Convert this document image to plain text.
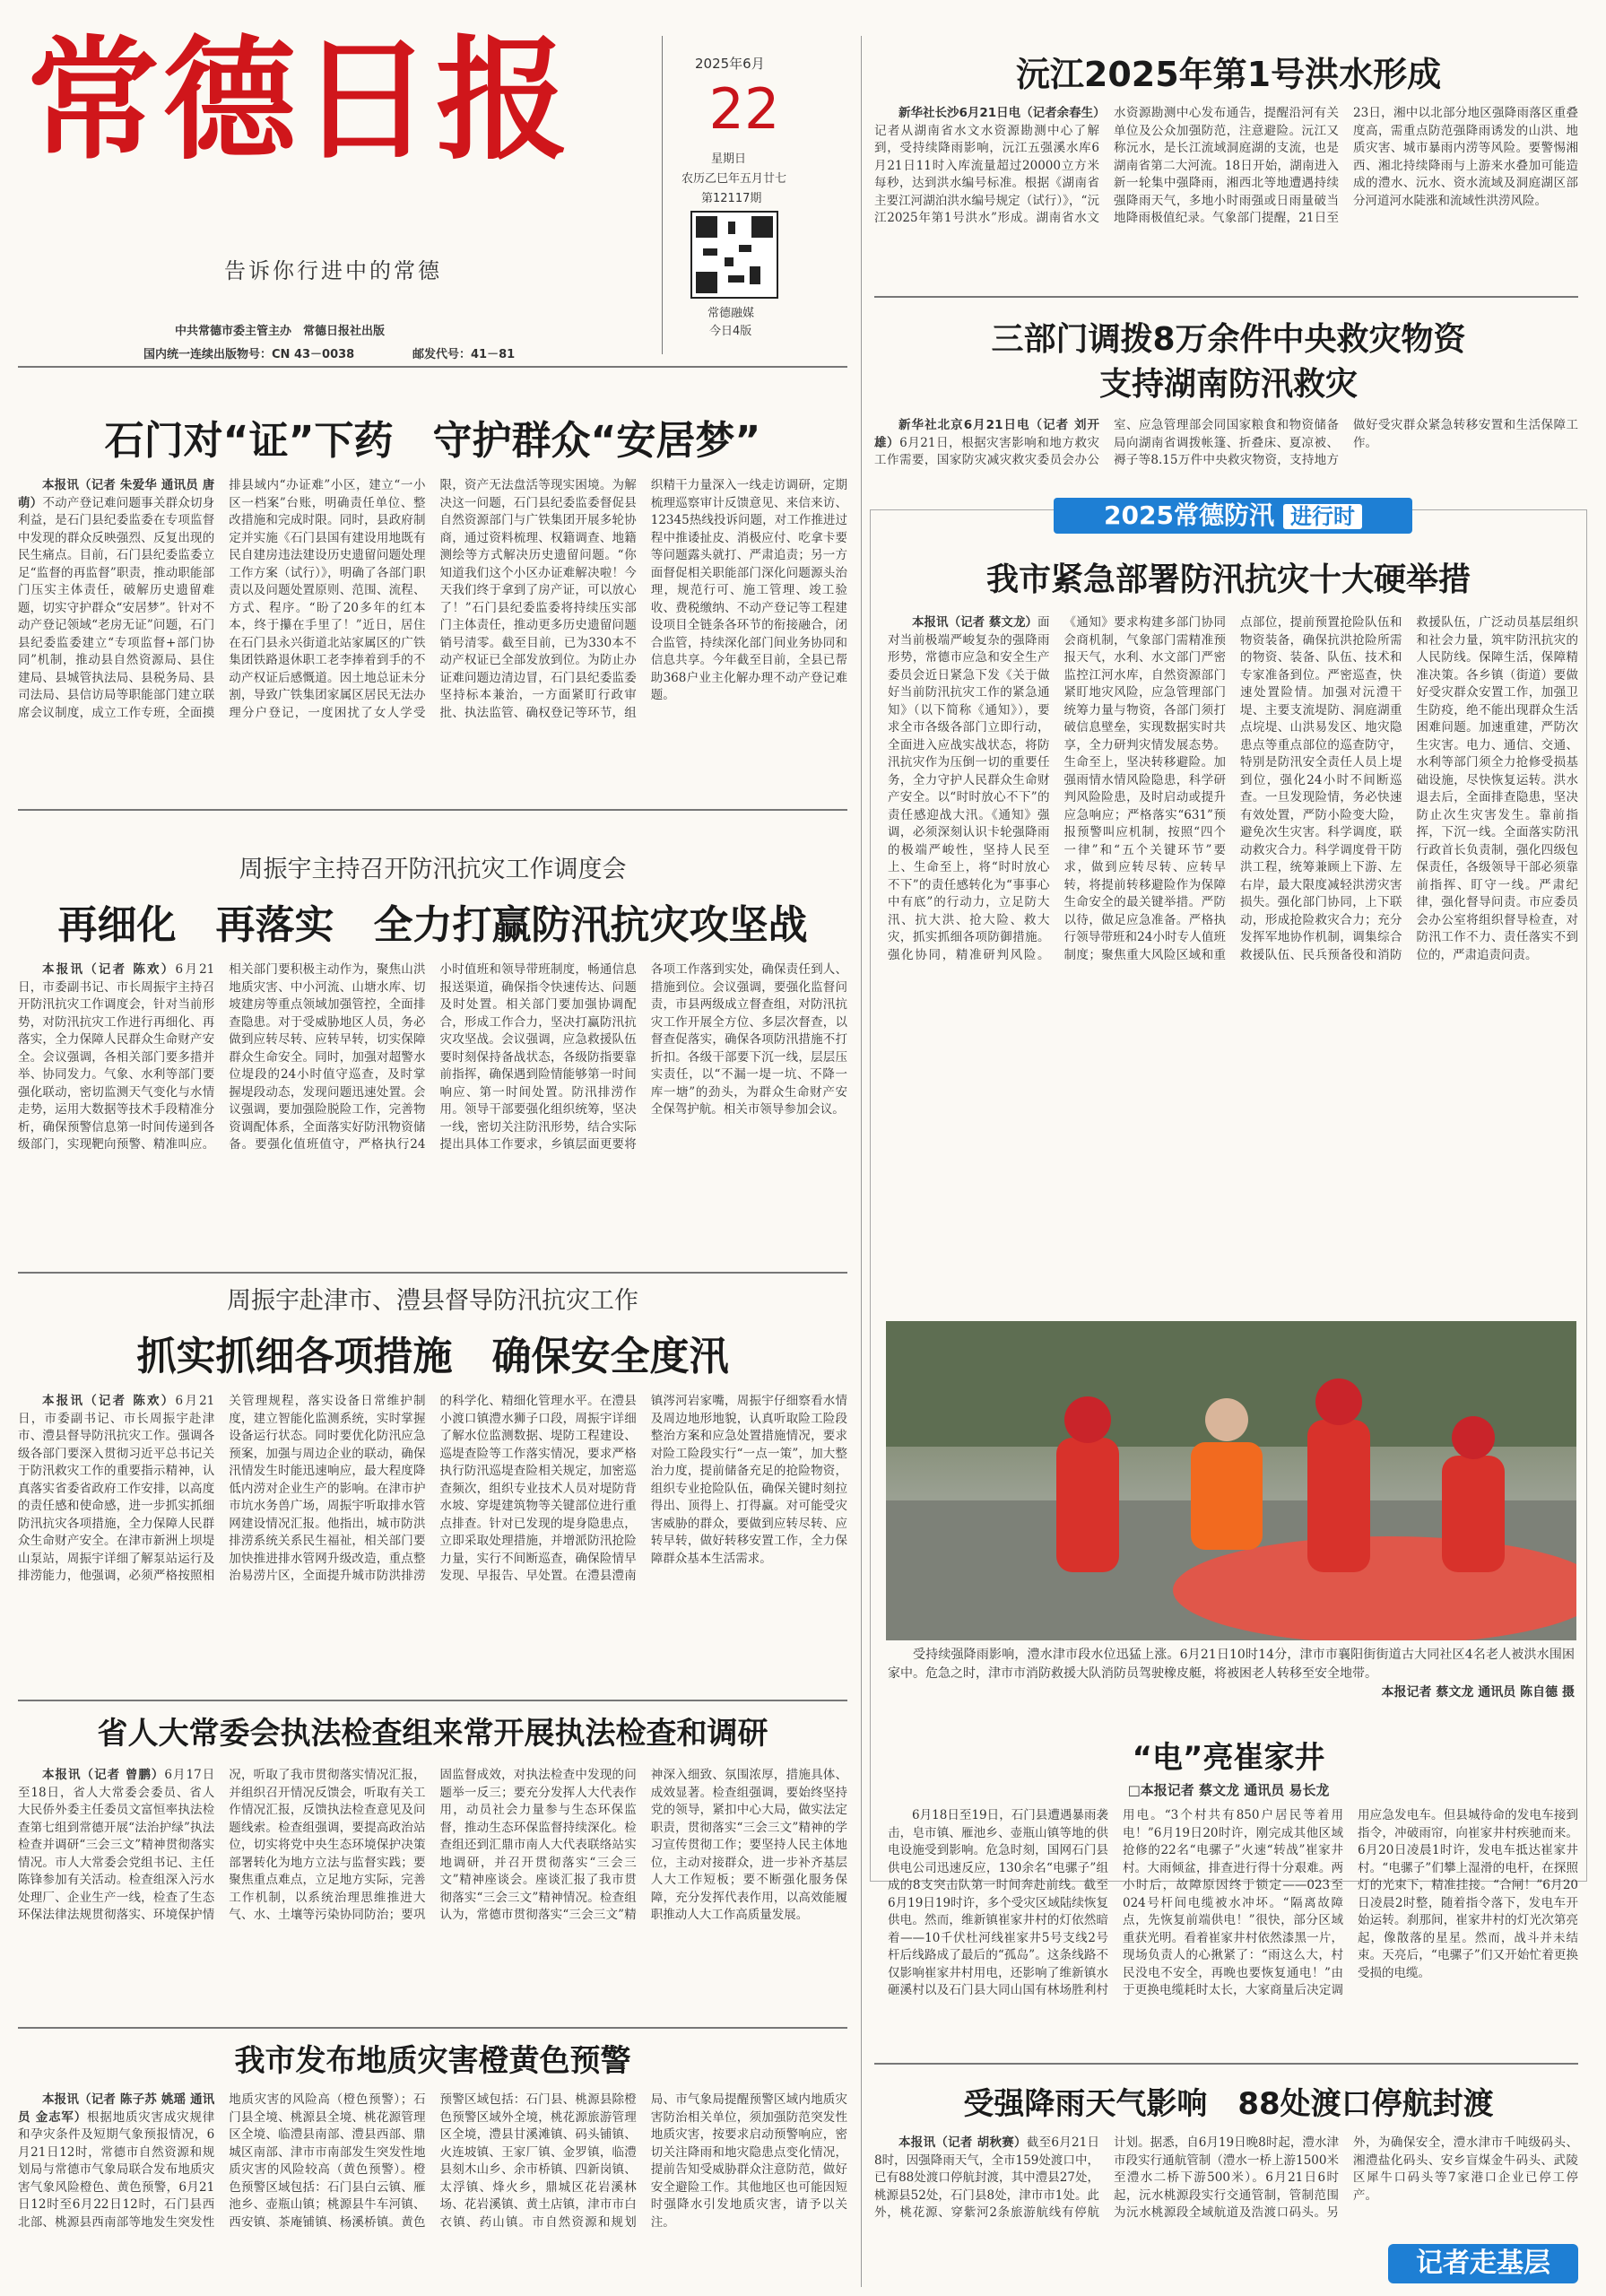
常德日报
告诉你行进中的常德
2025年6月
22
星期日
农历乙巳年五月廿七
第12117期
常德融媒
今日4版
中共常德市委主管主办　常德日报社出版
国内统一连续出版物号：CN 43－0038	邮发代号：41－81
石门对“证”下药　守护群众“安居梦”

本报讯（记者 朱爱华 通讯员 唐萌）不动产登记难问题事关群众切身利益，是石门县纪委监委在专项监督中发现的群众反映强烈、反复出现的民生痛点。目前，石门县纪委监委立足“监督的再监督”职责，推动职能部门压实主体责任，破解历史遗留难题，切实守护群众“安居梦”。针对不动产登记领域“老房无证”问题，石门县纪委监委建立“专项监督+部门协同”机制，推动县自然资源局、县住建局、县城管执法局、县税务局、县司法局、县信访局等职能部门建立联席会议制度，成立工作专班，全面摸排县域内“办证难”小区，建立“一小区一档案”台账，明确责任单位、整改措施和完成时限。同时，县政府制定并实施《石门县国有建设用地既有民自建房违法建设历史遗留问题处理工作方案（试行）》，明确了各部门职责以及问题处置原则、范围、流程、方式、程序。“盼了20多年的红本本，终于攥在手里了！”近日，居住在石门县永兴街道北站家属区的广铁集团铁路退休职工老李捧着到手的不动产权证后感慨道。因土地总证未分割，导致广铁集团家属区居民无法办理分户登记，一度困扰了女人学受限，资产无法盘活等现实困境。为解决这一问题，石门县纪委监委督促县自然资源部门与广铁集团开展多轮协商，通过资料梳理、权籍调查、地籍测绘等方式解决历史遗留问题。“你知道我们这个小区办证难解决啦！今天我们终于拿到了房产证，可以放心了！”石门县纪委监委将持续压实部门主体责任，推动更多历史遗留问题销号清零。截至目前，已为330本不动产权证已全部发放到位。为防止办证难问题边清边冒，石门县纪委监委坚持标本兼治，一方面紧盯行政审批、执法监管、确权登记等环节，组织精干力量深入一线走访调研，定期梳理巡察审计反馈意见、来信来访、12345热线投诉问题，对工作推进过程中推诿扯皮、消极应付、吃拿卡要等问题露头就打、严肃追责；另一方面督促相关职能部门深化问题源头治理，规范行可、施工管理、竣工验收、费税缴纳、不动产登记等工程建设项目全链条各环节的衔接融合，闭合监管，持续深化部门间业务协同和信息共享。今年截至目前，全县已帮助368户业主化解办理不动产登记难题。

周振宇主持召开防汛抗灾工作调度会
再细化　再落实　全力打赢防汛抗灾攻坚战

本报讯（记者 陈欢）6月21日，市委副书记、市长周振宇主持召开防汛抗灾工作调度会，针对当前形势，对防汛抗灾工作进行再细化、再落实，全力保障人民群众生命财产安全。会议强调，各相关部门要多措并举、协同发力。气象、水利等部门要强化联动，密切监测天气变化与水情走势，运用大数据等技术手段精准分析，确保预警信息第一时间传递到各级部门，实现靶向预警、精准叫应。相关部门要积极主动作为，聚焦山洪地质灾害、中小河流、山塘水库、切坡建房等重点领域加强管控，全面排查隐患。对于受威胁地区人员，务必做到应转尽转、应转早转，切实保障群众生命安全。同时，加强对超警水位堤段的24小时值守巡查，及时掌握堤段动态，发现问题迅速处置。会议强调，要加强险脱险工作，完善物资调配体系，全面落实好防汛物资储备。要强化值班值守，严格执行24小时值班和领导带班制度，畅通信息报送渠道，确保指令快速传达、问题及时处置。相关部门要加强协调配合，形成工作合力，坚决打赢防汛抗灾攻坚战。会议强调，应急救援队伍要时刻保持备战状态，各级防指要靠前指挥，确保遇到险情能够第一时间响应、第一时间处置。防汛排涝作用。领导干部要强化组织统筹，坚决一线，密切关注防汛形势，结合实际提出具体工作要求，乡镇层面更要将各项工作落到实处，确保责任到人、措施到位。会议强调，要强化监督问责，市县两级成立督查组，对防汛抗灾工作开展全方位、多层次督查，以督查促落实，确保各项防汛措施不打折扣。各级干部要下沉一线，层层压实责任，以“不漏一堤一坑、不降一库一塘”的劲头，为群众生命财产安全保驾护航。相关市领导参加会议。

周振宇赴津市、澧县督导防汛抗灾工作
抓实抓细各项措施　确保安全度汛

本报讯（记者 陈欢）6月21日，市委副书记、市长周振宇赴津市、澧县督导防汛抗灾工作。强调各级各部门要深入贯彻习近平总书记关于防汛救灾工作的重要指示精神，认真落实省委省政府工作安排，以高度的责任感和使命感，进一步抓实抓细防汛抗灾各项措施，全力保障人民群众生命财产安全。在津市新洲上坝堤山泵站，周振宇详细了解泵站运行及排涝能力，他强调，必须严格按照相关管理规程，落实设备日常维护制度，建立智能化监测系统，实时掌握设备运行状态。同时要优化防汛应急预案，加强与周边企业的联动，确保汛情发生时能迅速响应，最大程度降低内涝对企业生产的影响。在津市护市坑水务兽广场，周振宇听取排水管网建设情况汇报。他指出，城市防洪排涝系统关系民生福祉，相关部门要加快推进排水管网升级改造，重点整治易涝片区，全面提升城市防洪排涝的科学化、精细化管理水平。在澧县小渡口镇澧水狮子口段，周振宇详细了解水位监测数据、堤防工程建设、巡堤查险等工作落实情况，要求严格执行防汛巡堤查险相关规定，加密巡查频次，组织专业技术人员对堤防背水坡、穿堤建筑物等关键部位进行重点排查。针对已发现的堤身隐患点，立即采取处理措施，并增派防汛抢险力量，实行不间断巡查，确保险情早发现、早报告、早处置。在澧县澧南镇涔河岩家嘴，周振宇仔细察看水情及周边地形地貌，认真听取险工险段整治方案和应急处置措施情况，要求对险工险段实行“一点一策”，加大整治力度，提前储备充足的抢险物资，组织专业抢险队伍，确保关键时刻拉得出、顶得上、打得赢。对可能受灾害威胁的群众，要做到应转尽转、应转早转，做好转移安置工作，全力保障群众基本生活需求。

省人大常委会执法检查组来常开展执法检查和调研

本报讯（记者 曾鹏）6月17日至18日，省人大常委会委员、省人大民侨外委主任委员文富恒率执法检查第七组到常德开展“法治护绿”执法检查并调研“三会三文”精神贯彻落实情况。市人大常委会党组书记、主任陈锋参加有关活动。检查组深入污水处理厂、企业生产一线，检查了生态环保法律法规贯彻落实、环境保护情况，听取了我市贯彻落实情况汇报，并组织召开情况反馈会，听取有关工作情况汇报，反馈执法检查意见及问题线索。检查组强调，要提高政治站位，切实将党中央生态环境保护决策部署转化为地方立法与监督实践；要聚焦重点难点，立足地方实际，完善工作机制，以系统治理思维推进大气、水、土壤等污染协同防治；要巩固监督成效，对执法检查中发现的问题举一反三；要充分发挥人大代表作用，动员社会力量参与生态环保监督，推动生态环保监督持续深化。检查组还到汇鼎市南人大代表联络站实地调研，并召开贯彻落实“三会三文”精神座谈会。座谈汇报了我市贯彻落实“三会三文”精神情况。检查组认为，常德市贯彻落实“三会三文”精神深入细致、氛围浓厚，措施具体、成效显著。检查组强调，要始终坚持党的领导，紧扣中心大局，做实法定职责，贯彻落实“三会三文”精神的学习宣传贯彻工作；要坚持人民主体地位，主动对接群众，进一步补齐基层人大工作短板；要不断强化服务保障，充分发挥代表作用，以高效能履职推动人大工作高质量发展。

我市发布地质灾害橙黄色预警

本报讯（记者 陈子苏 姚瑶 通讯员 金志军）根据地质灾害成灾规律和孕灾条件及短期气象预报情况，6月21日12时，常德市自然资源和规划局与常德市气象局联合发布地质灾害气象风险橙色、黄色预警，6月21日12时至6月22日12时，石门县西北部、桃源县西南部等地发生突发性地质灾害的风险高（橙色预警）；石门县全境、桃源县全境、桃花源管理区全境、临澧县南部、澧县西部、鼎城区南部、津市市南部发生突发性地质灾害的风险较高（黄色预警）。橙色预警区域包括：石门县白云镇、雁池乡、壶瓶山镇；桃源县牛车河镇、西安镇、茶庵铺镇、杨溪桥镇。黄色预警区域包括：石门县、桃源县除橙色预警区域外全境，桃花源旅游管理区全境，澧县甘溪滩镇、码头铺镇、火连坡镇、王家厂镇、金罗镇，临澧县刻木山乡、余市桥镇、四新岗镇、太浮镇、烽火乡，鼎城区花岩溪林场、花岩溪镇、黄土店镇，津市市白衣镇、药山镇。市自然资源和规划局、市气象局提醒预警区域内地质灾害防治相关单位，须加强防范突发性地质灾害，按要求启动预警响应，密切关注降雨和地灾隐患点变化情况，提前告知受威胁群众注意防范，做好安全避险工作。其他地区也可能因短时强降水引发地质灾害，请予以关注。

沅江2025年第1号洪水形成

新华社长沙6月21日电（记者余春生）记者从湖南省水文水资源勘测中心了解到，受持续降雨影响，沅江五强溪水库6月21日11时入库流量超过20000立方米每秒，达到洪水编号标准。根据《湖南省主要江河湖泊洪水编号规定（试行）》，“沅江2025年第1号洪水”形成。湖南省水文水资源勘测中心发布通告，提醒沿河有关单位及公众加强防范，注意避险。沅江又称沅水，是长江流域洞庭湖的支流，也是湖南省第二大河流。18日开始，湖南进入新一轮集中强降雨，湘西北等地遭遇持续强降雨天气，多地小时雨强或日雨量破当地降雨极值纪录。气象部门提醒，21日至23日，湘中以北部分地区强降雨落区重叠度高，需重点防范强降雨诱发的山洪、地质灾害、城市暴雨内涝等风险。要警惕湘西、湘北持续降雨与上游来水叠加可能造成的澧水、沅水、资水流域及洞庭湖区部分河道河水陡涨和流域性洪涝风险。

三部门调拨8万余件中央救灾物资
支持湖南防汛救灾

新华社北京6月21日电（记者 刘开雄）6月21日，根据灾害影响和地方救灾工作需要，国家防灾减灾救灾委员会办公室、应急管理部会同国家粮食和物资储备局向湖南省调拨帐篷、折叠床、夏凉被、褥子等8.15万件中央救灾物资，支持地方做好受灾群众紧急转移安置和生活保障工作。

2025常德防汛 进行时
我市紧急部署防汛抗灾十大硬举措

本报讯（记者 蔡文龙）面对当前极端严峻复杂的强降雨形势，常德市应急和安全生产委员会近日紧急下发《关于做好当前防汛抗灾工作的紧急通知》（以下简称《通知》），要求全市各级各部门立即行动，全面进入应战实战状态，将防汛抗灾作为压倒一切的重要任务，全力守护人民群众生命财产安全。以“时时放心不下”的责任感迎战大汛。《通知》强调，必须深刻认识卡轮强降雨的极端严峻性，坚持人民至上、生命至上，将“时时放心不下”的责任感转化为“事事心中有底”的行动力，立足防大汛、抗大洪、抢大险、救大灾，抓实抓细各项防御措施。强化协同，精准研判风险。《通知》要求构建多部门协同会商机制，气象部门需精准预报天气，水利、水文部门严密监控江河水库，自然资源部门紧盯地灾风险，应急管理部门统筹力量与物资，各部门须打破信息壁垒，实现数据实时共享，全力研判灾情发展态势。生命至上，坚决转移避险。加强雨情水情风险隐患，科学研判风险险患，及时启动或提升应急响应；严格落实“631”预报预警叫应机制，按照“四个一律”和“五个关键环节”要求，做到应转尽转、应转早转，将提前转移避险作为保障生命安全的最关键举措。严防以待，做足应急准备。严格执行领导带班和24小时专人值班制度；聚焦重大风险区域和重点部位，提前预置抢险队伍和物资装备，确保抗洪抢险所需的物资、装备、队伍、技术和专家准备到位。严密巡查，快速处置险情。加强对沅澧干堤、主要支流堤防、洞庭湖重点垸堤、山洪易发区、地灾隐患点等重点部位的巡查防守，特别是防汛安全责任人员上堤到位，强化24小时不间断巡查。一旦发现险情，务必快速有效处置，严防小险变大险，避免次生灾害。科学调度，联动救灾合力。科学调度骨干防洪工程，统筹兼顾上下游、左右岸，最大限度减轻洪涝灾害损失。强化部门协同，上下联动，形成抢险救灾合力；充分发挥军地协作机制，调集综合救援队伍、民兵预备役和消防救援队伍，广泛动员基层组织和社会力量，筑牢防汛抗灾的人民防线。保障生活，保障精准决策。各乡镇（街道）要做好受灾群众安置工作，加强卫生防疫，绝不能出现群众生活困难问题。加速重建，严防次生灾害。电力、通信、交通、水利等部门须全力抢修受损基础设施，尽快恢复运转。洪水退去后，全面排查隐患，坚决防止次生灾害发生。靠前指挥，下沉一线。全面落实防汛行政首长负责制，强化四级包保责任，各级领导干部必须靠前指挥、盯守一线。严肃纪律，强化督导问责。市应委员会办公室将组织督导检查，对防汛工作不力、责任落实不到位的，严肃追责问责。

受持续强降雨影响，澧水津市段水位迅猛上涨。6月21日10时14分，津市市襄阳街街道古大同社区4名老人被洪水围困家中。危急之时，津市市消防救援大队消防员驾驶橡皮艇，将被困老人转移至安全地带。

本报记者 蔡文龙 通讯员 陈自德 摄
“电”亮崔家井
□本报记者 蔡文龙 通讯员 易长龙

6月18日至19日，石门县遭遇暴雨袭击，皂市镇、雁池乡、壶瓶山镇等地的供电设施受到影响。危急时刻，国网石门县供电公司迅速反应，130余名“电骡子”组成的8支突击队第一时间奔赴前线。截至6月19日19时许，多个受灾区域陆续恢复供电。然而，维新镇崔家井村的灯依然暗着——10千伏杜河线崔家井5号支线2号杆后线路成了最后的“孤岛”。这条线路不仅影响崔家井村用电，还影响了维新镇水砸溪村以及石门县大同山国有林场胜利村用电。“3个村共有850户居民等着用电！”6月19日20时许，刚完成其他区域抢修的22名“电骡子”火速“转战”崔家井村。大雨倾盆，排查进行得十分艰难。两小时后，故障原因终于锁定——023至024号杆间电缆被水冲坏。“隔离故障点，先恢复前端供电！”很快，部分区域重获光明。看着崔家井村依然漆黑一片，现场负责人的心揪紧了：“雨这么大，村民没电不安全，再晚也要恢复通电！”由于更换电缆耗时太长，大家商量后决定调用应急发电车。但县城待命的发电车接到指令，冲破雨帘，向崔家井村疾驰而来。6月20日凌晨1时许，发电车抵达崔家井村。“电骡子”们攀上湿滑的电杆，在探照灯的光束下，精准挂接。“合闸！”6月20日凌晨2时整，随着指令落下，发电车开始运转。刹那间，崔家井村的灯光次第亮起，像散落的星星。然而，战斗并未结束。天亮后，“电骡子”们又开始忙着更换受损的电缆。

受强降雨天气影响　88处渡口停航封渡

本报讯（记者 胡秋赛）截至6月21日8时，因强降雨天气，全市159处渡口中，已有88处渡口停航封渡，其中澧县27处，桃源县52处，石门县8处，津市市1处。此外，桃花源、穿紫河2条旅游航线有停航计划。据悉，自6月19日晚8时起，澧水津市段实行通航管制（澧水一桥上游1500米至澧水二桥下游500米）。6月21日6时起，沅水桃源段实行交通管制，管制范围为沅水桃源段全域航道及浩渡口码头。另外，为确保安全，澧水津市千吨级码头、湘澧盐化码头、安乡盲煤金牛码头、武陵区犀牛口码头等7家港口企业已停工停产。

记者走基层
